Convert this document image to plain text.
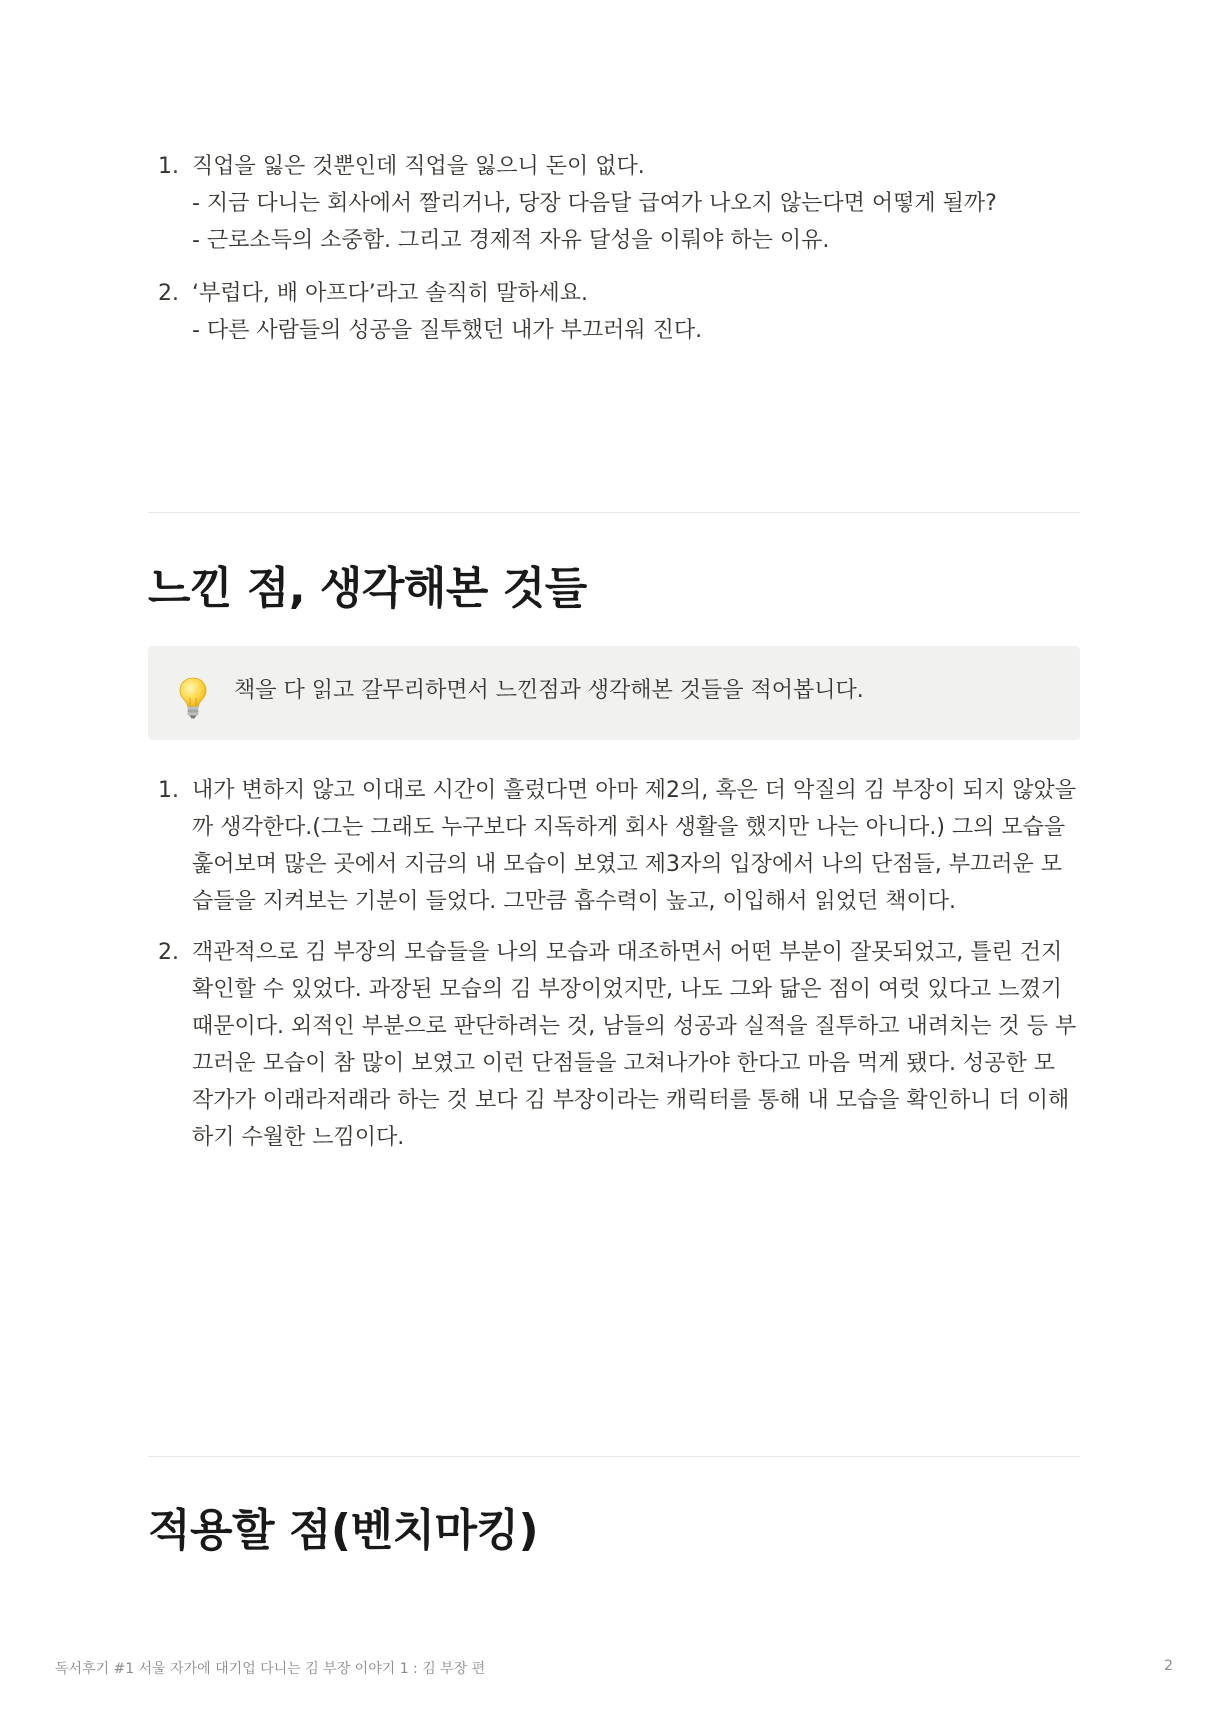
1. 직업을 잃은 것뿐인데 직업을 잃으니 돈이 없다.
- 지금 다니는 회사에서 짤리거나, 당장 다음달 급여가 나오지 않는다면 어떻게 될까?
- 근로소득의 소중함. 그리고 경제적 자유 달성을 이뤄야 하는 이유.
2. ‘부럽다, 배 아프다’라고 솔직히 말하세요.
- 다른 사람들의 성공을 질투했던 내가 부끄러워 진다.
느낀 점, 생각해본 것들
책을 다 읽고 갈무리하면서 느낀점과 생각해본 것들을 적어봅니다.
1. 내가 변하지 않고 이대로 시간이 흘렀다면 아마 제2의, 혹은 더 악질의 김 부장이 되지 않았을까 생각한다.(그는 그래도 누구보다 지독하게 회사 생활을 했지만 나는 아니다.) 그의 모습을 훑어보며 많은 곳에서 지금의 내 모습이 보였고 제3자의 입장에서 나의 단점들, 부끄러운 모습들을 지켜보는 기분이 들었다. 그만큼 흡수력이 높고, 이입해서 읽었던 책이다.
2. 객관적으로 김 부장의 모습들을 나의 모습과 대조하면서 어떤 부분이 잘못되었고, 틀린 건지 확인할 수 있었다. 과장된 모습의 김 부장이었지만, 나도 그와 닮은 점이 여럿 있다고 느꼈기 때문이다. 외적인 부분으로 판단하려는 것, 남들의 성공과 실적을 질투하고 내려치는 것 등 부끄러운 모습이 참 많이 보였고 이런 단점들을 고쳐나가야 한다고 마음 먹게 됐다. 성공한 모 작가가 이래라저래라 하는 것 보다 김 부장이라는 캐릭터를 통해 내 모습을 확인하니 더 이해하기 수월한 느낌이다.
적용할 점(벤치마킹)
독서후기 #1 서울 자가에 대기업 다니는 김 부장 이야기 1 : 김 부장 편	2
